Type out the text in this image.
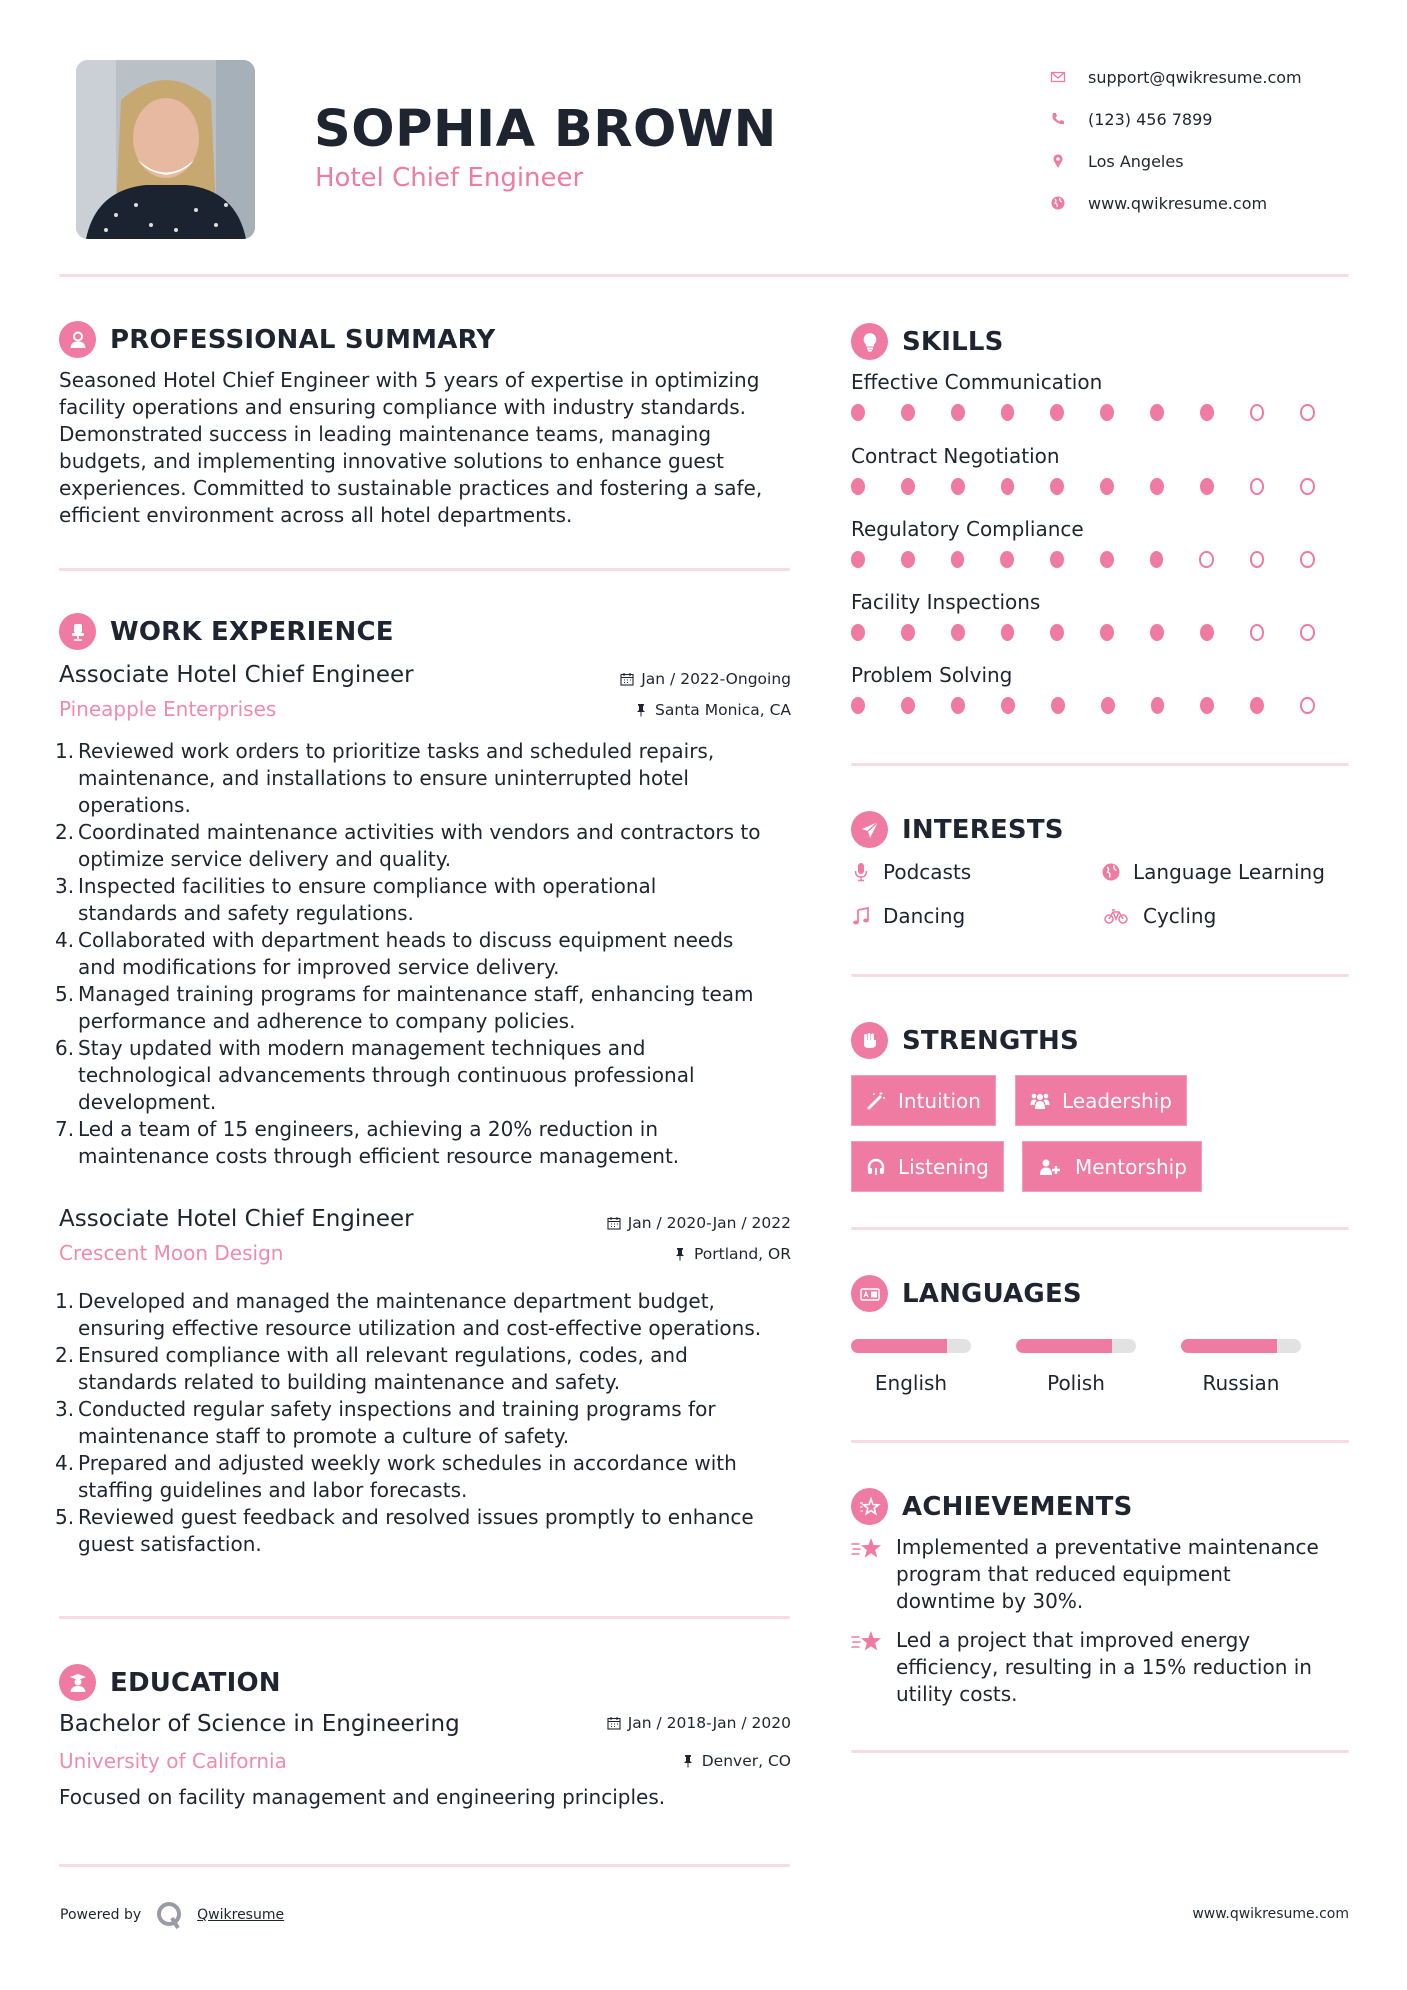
SOPHIA BROWN
Hotel Chief Engineer
support@qwikresume.com
(123) 456 7899
Los Angeles
www.qwikresume.com
PROFESSIONAL SUMMARY
Seasoned Hotel Chief Engineer with 5 years of expertise in optimizing
facility operations and ensuring compliance with industry standards.
Demonstrated success in leading maintenance teams, managing
budgets, and implementing innovative solutions to enhance guest
experiences. Committed to sustainable practices and fostering a safe,
efficient environment across all hotel departments.
WORK EXPERIENCE
Associate Hotel Chief Engineer	Jan / 2022-Ongoing
Pineapple Enterprises	Santa Monica, CA
1. Reviewed work orders to prioritize tasks and scheduled repairs,
maintenance, and installations to ensure uninterrupted hotel
operations.
2. Coordinated maintenance activities with vendors and contractors to
optimize service delivery and quality.
3. Inspected facilities to ensure compliance with operational
standards and safety regulations.
4. Collaborated with department heads to discuss equipment needs
and modifications for improved service delivery.
5. Managed training programs for maintenance staff, enhancing team
performance and adherence to company policies.
6. Stay updated with modern management techniques and
technological advancements through continuous professional
development.
7. Led a team of 15 engineers, achieving a 20% reduction in
maintenance costs through efficient resource management.
Associate Hotel Chief Engineer	Jan / 2020-Jan / 2022
Crescent Moon Design	Portland, OR
1. Developed and managed the maintenance department budget,
ensuring effective resource utilization and cost-effective operations.
2. Ensured compliance with all relevant regulations, codes, and
standards related to building maintenance and safety.
3. Conducted regular safety inspections and training programs for
maintenance staff to promote a culture of safety.
4. Prepared and adjusted weekly work schedules in accordance with
staffing guidelines and labor forecasts.
5. Reviewed guest feedback and resolved issues promptly to enhance
guest satisfaction.
EDUCATION
Bachelor of Science in Engineering	Jan / 2018-Jan / 2020
University of California	Denver, CO
Focused on facility management and engineering principles.
SKILLS
Effective Communication
Contract Negotiation
Regulatory Compliance
Facility Inspections
Problem Solving
INTERESTS
Podcasts	Language Learning
Dancing	Cycling
STRENGTHS
Intuition	Leadership
Listening	Mentorship
LANGUAGES
English	Polish	Russian
ACHIEVEMENTS
Implemented a preventative maintenance
program that reduced equipment
downtime by 30%.
Led a project that improved energy
efficiency, resulting in a 15% reduction in
utility costs.
Powered by	Qwikresume	www.qwikresume.com
